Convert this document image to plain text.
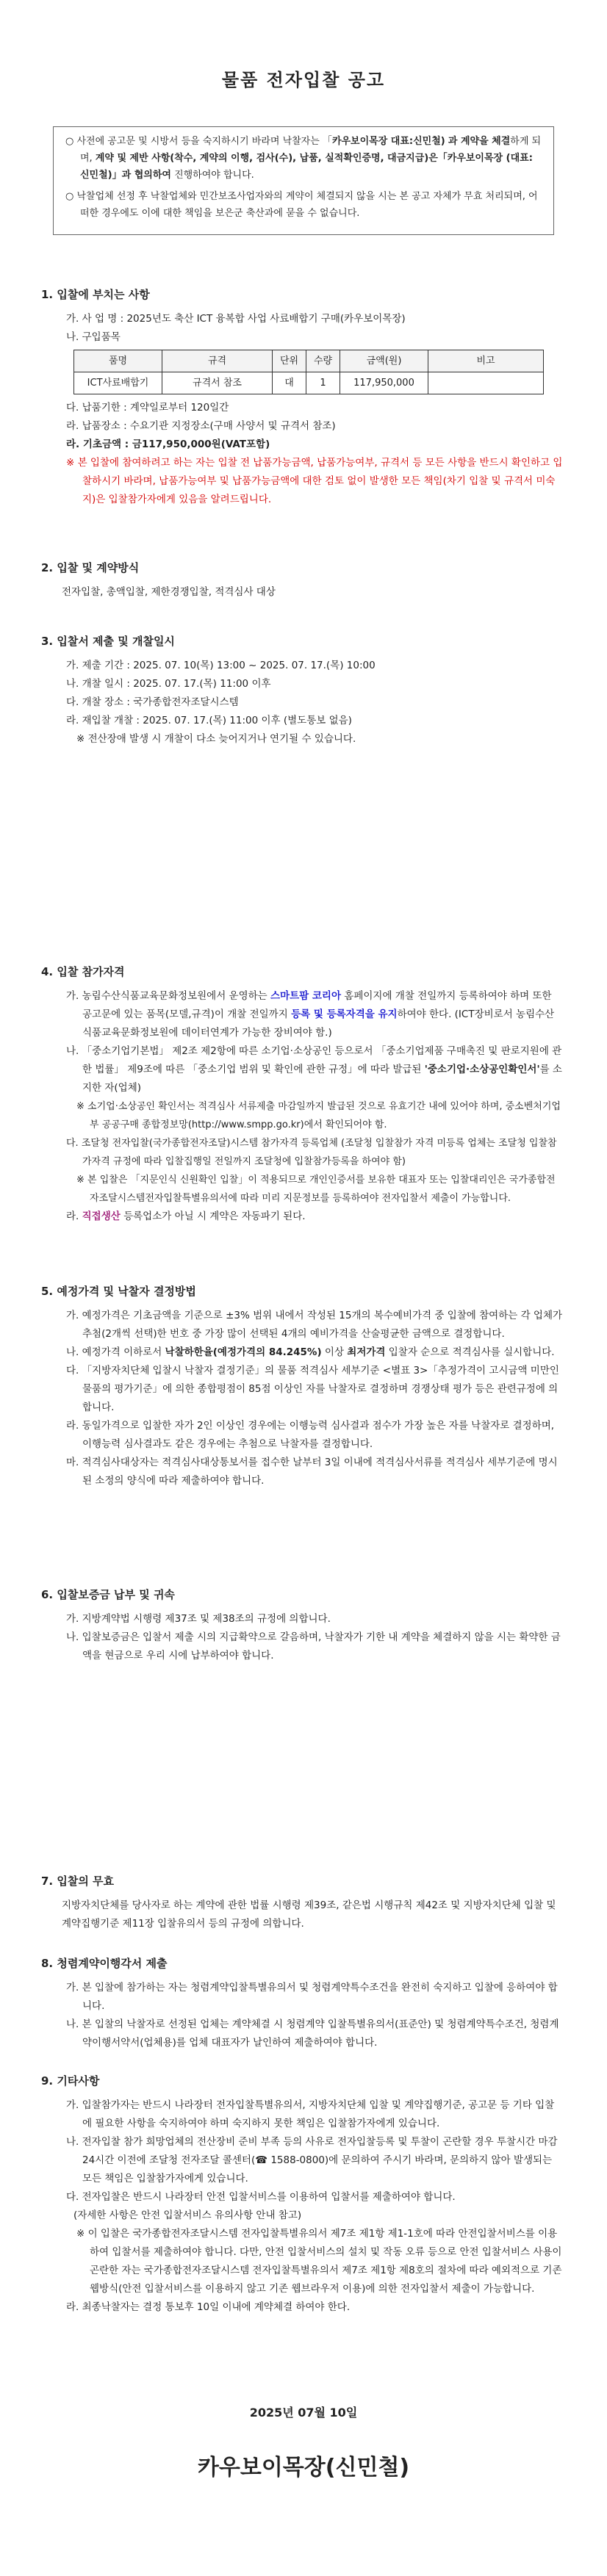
물품 전자입찰 공고

○ 사전에 공고문 및 시방서 등을 숙지하시기 바라며 낙찰자는 「카우보이목장 대표:신민철) 과 계약을 체결하게 되며, 계약 및 제반 사항(착수, 계약의 이행, 검사(수), 납품, 실적확인증명, 대금지급)은「카우보이목장 (대표:신민철)」과 협의하여 진행하여야 합니다.

○ 낙찰업체 선정 후 낙찰업체와 민간보조사업자와의 계약이 체결되지 않을 시는 본 공고 자체가 무효 처리되며, 어떠한 경우에도 이에 대한 책임을 보은군 축산과에 묻을 수 없습니다.

1. 입찰에 부치는 사항
가. 사 업 명 : 2025년도 축산 ICT 융복합 사업 사료배합기 구매(카우보이목장)
나. 구입품목
품명	규격	단위	수량	금액(원)	비고
ICT사료배합기	규격서 참조	대	1	117,950,000	
다. 납품기한 : 계약일로부터 120일간
라. 납품장소 : 수요기관 지정장소(구매 사양서 및 규격서 참조)
라. 기초금액 : 금117,950,000원(VAT포함)
※ 본 입찰에 참여하려고 하는 자는 입찰 전 납품가능금액, 납품가능여부, 규격서 등 모든 사항을 반드시 확인하고 입찰하시기 바라며, 납품가능여부 및 납품가능금액에 대한 검토 없이 발생한 모든 책임(차기 입찰 및 규격서 미숙지)은 입찰참가자에게 있음을 알려드립니다.
2. 입찰 및 계약방식
전자입찰, 총액입찰, 제한경쟁입찰, 적격심사 대상
3. 입찰서 제출 및 개찰일시
가. 제출 기간 : 2025. 07. 10(목) 13:00 ~ 2025. 07. 17.(목) 10:00
나. 개찰 일시 : 2025. 07. 17.(목) 11:00 이후
다. 개찰 장소 : 국가종합전자조달시스템
라. 재입찰 개찰 : 2025. 07. 17.(목) 11:00 이후 (별도통보 없음)
※ 전산장애 발생 시 개찰이 다소 늦어지거나 연기될 수 있습니다.
4. 입찰 참가자격
가. 농림수산식품교육문화정보원에서 운영하는 스마트팜 코리아 홈페이지에 개찰 전일까지 등록하여야 하며 또한 공고문에 있는 품목(모델,규격)이 개찰 전일까지 등록 및 등록자격을 유지하여야 한다. (ICT장비로서 농림수산식품교육문화정보원에 데이터연계가 가능한 장비여야 함.)
나. 「중소기업기본법」 제2조 제2항에 따른 소기업·소상공인 등으로서 「중소기업제품 구매촉진 및 판로지원에 관한 법률」 제9조에 따른 「중소기업 범위 및 확인에 관한 규정」에 따라 발급된 '중소기업·소상공인확인서'를 소지한 자(업체)
※ 소기업·소상공인 확인서는 적격심사 서류제출 마감일까지 발급된 것으로 유효기간 내에 있어야 하며, 중소벤처기업부 공공구매 종합정보망(http://www.smpp.go.kr)에서 확인되어야 함.
다. 조달청 전자입찰(국가종합전자조달)시스템 참가자격 등록업체 (조달청 입찰참가 자격 미등록 업체는 조달청 입찰참가자격 규정에 따라 입찰집행일 전일까지 조달청에 입찰참가등록을 하여야 함)
※ 본 입찰은 「지문인식 신원확인 입찰」이 적용되므로 개인인증서를 보유한 대표자 또는 입찰대리인은 국가종합전자조달시스템전자입찰특별유의서에 따라 미리 지문정보를 등록하여야 전자입찰서 제출이 가능합니다.
라. 직접생산 등록업소가 아닐 시 계약은 자동파기 된다.
5. 예정가격 및 낙찰자 결정방법
가. 예정가격은 기초금액을 기준으로 ±3% 범위 내에서 작성된 15개의 복수예비가격 중 입찰에 참여하는 각 업체가 추첨(2개씩 선택)한 번호 중 가장 많이 선택된 4개의 예비가격을 산술평균한 금액으로 결정합니다.
나. 예정가격 이하로서 낙찰하한율(예정가격의 84.245%) 이상 최저가격 입찰자 순으로 적격심사를 실시합니다.
다. 「지방자치단체 입찰시 낙찰자 결정기준」의 물품 적격심사 세부기준 <별표 3>「추정가격이 고시금액 미만인 물품의 평가기준」에 의한 종합평점이 85점 이상인 자를 낙찰자로 결정하며 경쟁상태 평가 등은 관련규정에 의합니다.
라. 동일가격으로 입찰한 자가 2인 이상인 경우에는 이행능력 심사결과 점수가 가장 높은 자를 낙찰자로 결정하며, 이행능력 심사결과도 같은 경우에는 추첨으로 낙찰자를 결정합니다.
마. 적격심사대상자는 적격심사대상통보서를 접수한 날부터 3일 이내에 적격심사서류를 적격심사 세부기준에 명시된 소정의 양식에 따라 제출하여야 합니다.
6. 입찰보증금 납부 및 귀속
가. 지방계약법 시행령 제37조 및 제38조의 규정에 의합니다.
나. 입찰보증금은 입찰서 제출 시의 지급확약으로 갈음하며, 낙찰자가 기한 내 계약을 체결하지 않을 시는 확약한 금액을 현금으로 우리 시에 납부하여야 합니다.
7. 입찰의 무효
지방자치단체를 당사자로 하는 계약에 관한 법률 시행령 제39조, 같은법 시행규칙 제42조 및 지방자치단체 입찰 및 계약집행기준 제11장 입찰유의서 등의 규정에 의합니다.
8. 청렴계약이행각서 제출
가. 본 입찰에 참가하는 자는 청렴계약입찰특별유의서 및 청렴계약특수조건을 완전히 숙지하고 입찰에 응하여야 합니다.
나. 본 입찰의 낙찰자로 선정된 업체는 계약체결 시 청렴계약 입찰특별유의서(표준안) 및 청렴계약특수조건, 청렴계약이행서약서(업체용)를 업체 대표자가 날인하여 제출하여야 합니다.
9. 기타사항
가. 입찰참가자는 반드시 나라장터 전자입찰특별유의서, 지방자치단체 입찰 및 계약집행기준, 공고문 등 기타 입찰에 필요한 사항을 숙지하여야 하며 숙지하지 못한 책임은 입찰참가자에게 있습니다.
나. 전자입찰 참가 희망업체의 전산장비 준비 부족 등의 사유로 전자입찰등록 및 투찰이 곤란할 경우 투찰시간 마감 24시간 이전에 조달청 전자조달 콜센터(☎ 1588-0800)에 문의하여 주시기 바라며, 문의하지 않아 발생되는 모든 책임은 입찰참가자에게 있습니다.
다. 전자입찰은 반드시 나라장터 안전 입찰서비스를 이용하여 입찰서를 제출하여야 합니다.
(자세한 사항은 안전 입찰서비스 유의사항 안내 참고)
※ 이 입찰은 국가종합전자조달시스템 전자입찰특별유의서 제7조 제1항 제1-1호에 따라 안전입찰서비스를 이용하여 입찰서를 제출하여야 합니다. 다만, 안전 입찰서비스의 설치 및 작동 오류 등으로 안전 입찰서비스 사용이 곤란한 자는 국가종합전자조달시스템 전자입찰특별유의서 제7조 제1항 제8호의 절차에 따라 예외적으로 기존 웹방식(안전 입찰서비스를 이용하지 않고 기존 웹브라우저 이용)에 의한 전자입찰서 제출이 가능합니다.
라. 최종낙찰자는 결정 통보후 10일 이내에 계약체결 하여야 한다.
2025년 07월 10일
카우보이목장(신민철)
